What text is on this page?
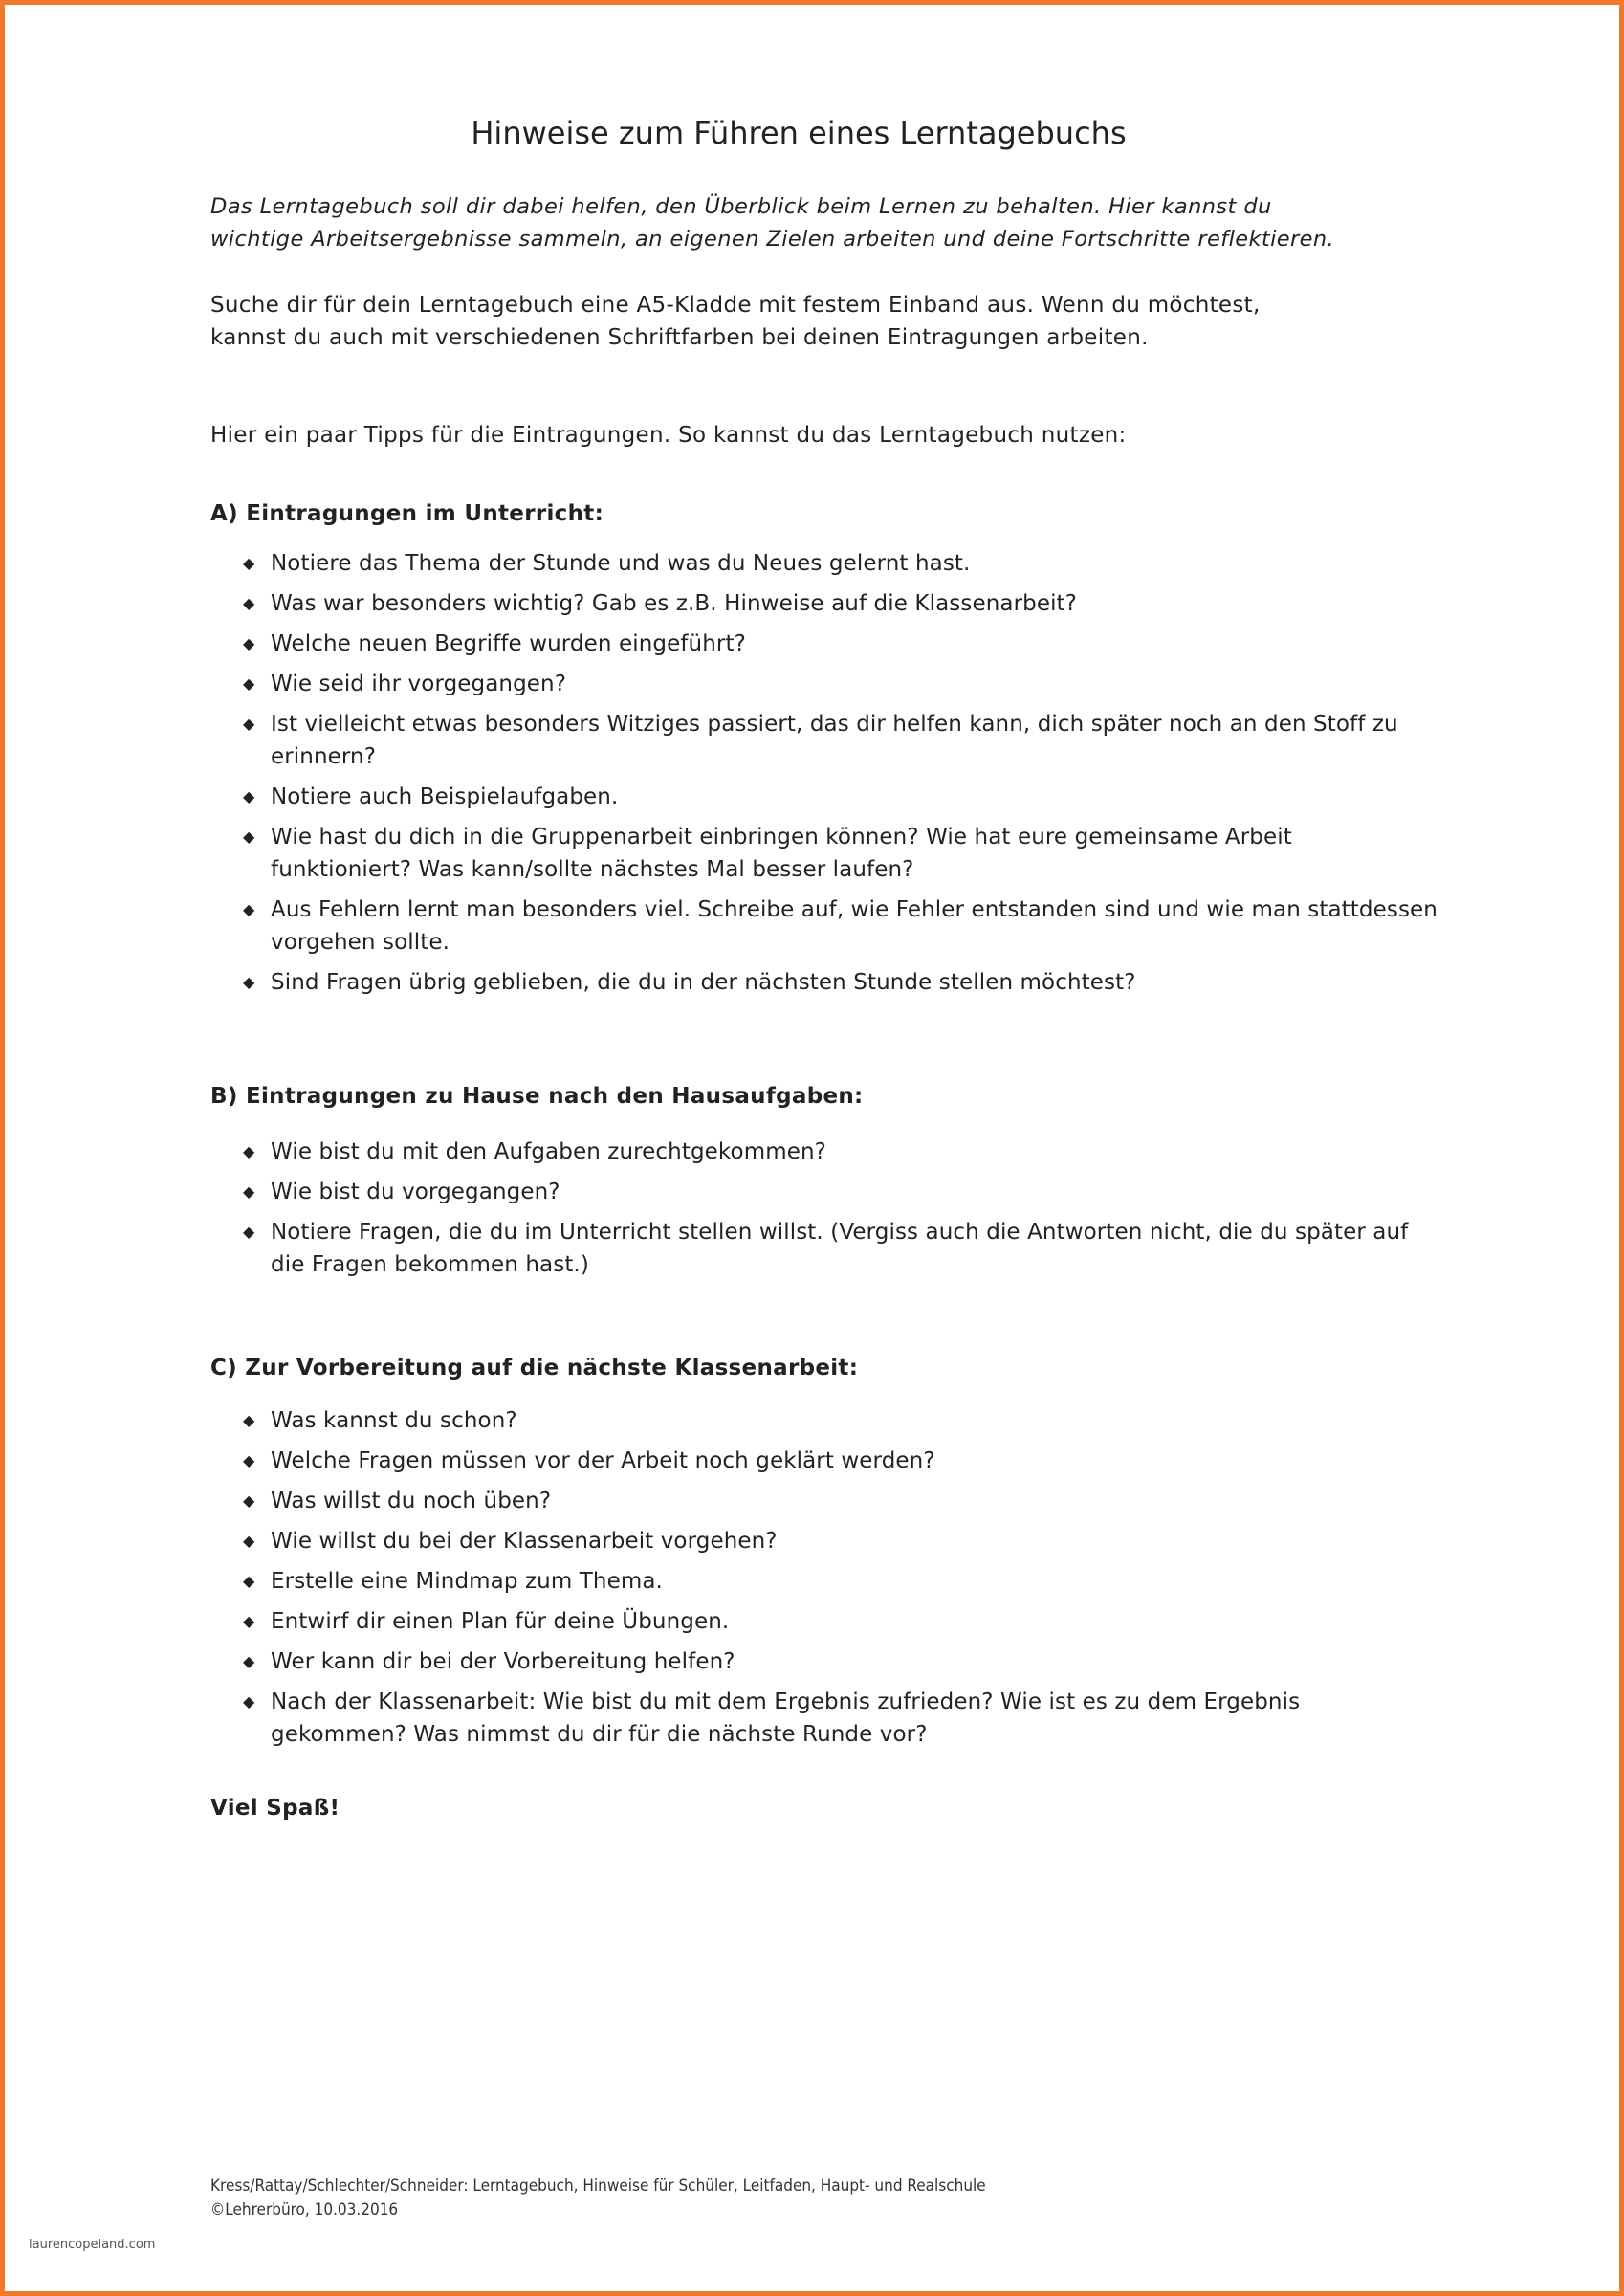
Hinweise zum Führen eines Lerntagebuchs
Das Lerntagebuch soll dir dabei helfen, den Überblick beim Lernen zu behalten. Hier kannst du
wichtige Arbeitsergebnisse sammeln, an eigenen Zielen arbeiten und deine Fortschritte reflektieren.
Suche dir für dein Lerntagebuch eine A5-Kladde mit festem Einband aus. Wenn du möchtest,
kannst du auch mit verschiedenen Schriftfarben bei deinen Eintragungen arbeiten.
Hier ein paar Tipps für die Eintragungen. So kannst du das Lerntagebuch nutzen:
A) Eintragungen im Unterricht:
◆ Notiere das Thema der Stunde und was du Neues gelernt hast.
◆ Was war besonders wichtig? Gab es z.B. Hinweise auf die Klassenarbeit?
◆ Welche neuen Begriffe wurden eingeführt?
◆ Wie seid ihr vorgegangen?
◆ Ist vielleicht etwas besonders Witziges passiert, das dir helfen kann, dich später noch an den Stoff zu erinnern?
◆ Notiere auch Beispielaufgaben.
◆ Wie hast du dich in die Gruppenarbeit einbringen können? Wie hat eure gemeinsame Arbeit funktioniert? Was kann/sollte nächstes Mal besser laufen?
◆ Aus Fehlern lernt man besonders viel. Schreibe auf, wie Fehler entstanden sind und wie man stattdessen vorgehen sollte.
◆ Sind Fragen übrig geblieben, die du in der nächsten Stunde stellen möchtest?
B) Eintragungen zu Hause nach den Hausaufgaben:
◆ Wie bist du mit den Aufgaben zurechtgekommen?
◆ Wie bist du vorgegangen?
◆ Notiere Fragen, die du im Unterricht stellen willst. (Vergiss auch die Antworten nicht, die du später auf die Fragen bekommen hast.)
C) Zur Vorbereitung auf die nächste Klassenarbeit:
◆ Was kannst du schon?
◆ Welche Fragen müssen vor der Arbeit noch geklärt werden?
◆ Was willst du noch üben?
◆ Wie willst du bei der Klassenarbeit vorgehen?
◆ Erstelle eine Mindmap zum Thema.
◆ Entwirf dir einen Plan für deine Übungen.
◆ Wer kann dir bei der Vorbereitung helfen?
◆ Nach der Klassenarbeit: Wie bist du mit dem Ergebnis zufrieden? Wie ist es zu dem Ergebnis gekommen? Was nimmst du dir für die nächste Runde vor?
Viel Spaß!
Kress/Rattay/Schlechter/Schneider: Lerntagebuch, Hinweise für Schüler, Leitfaden, Haupt- und Realschule
©Lehrerbüro, 10.03.2016
laurencopeland.com
